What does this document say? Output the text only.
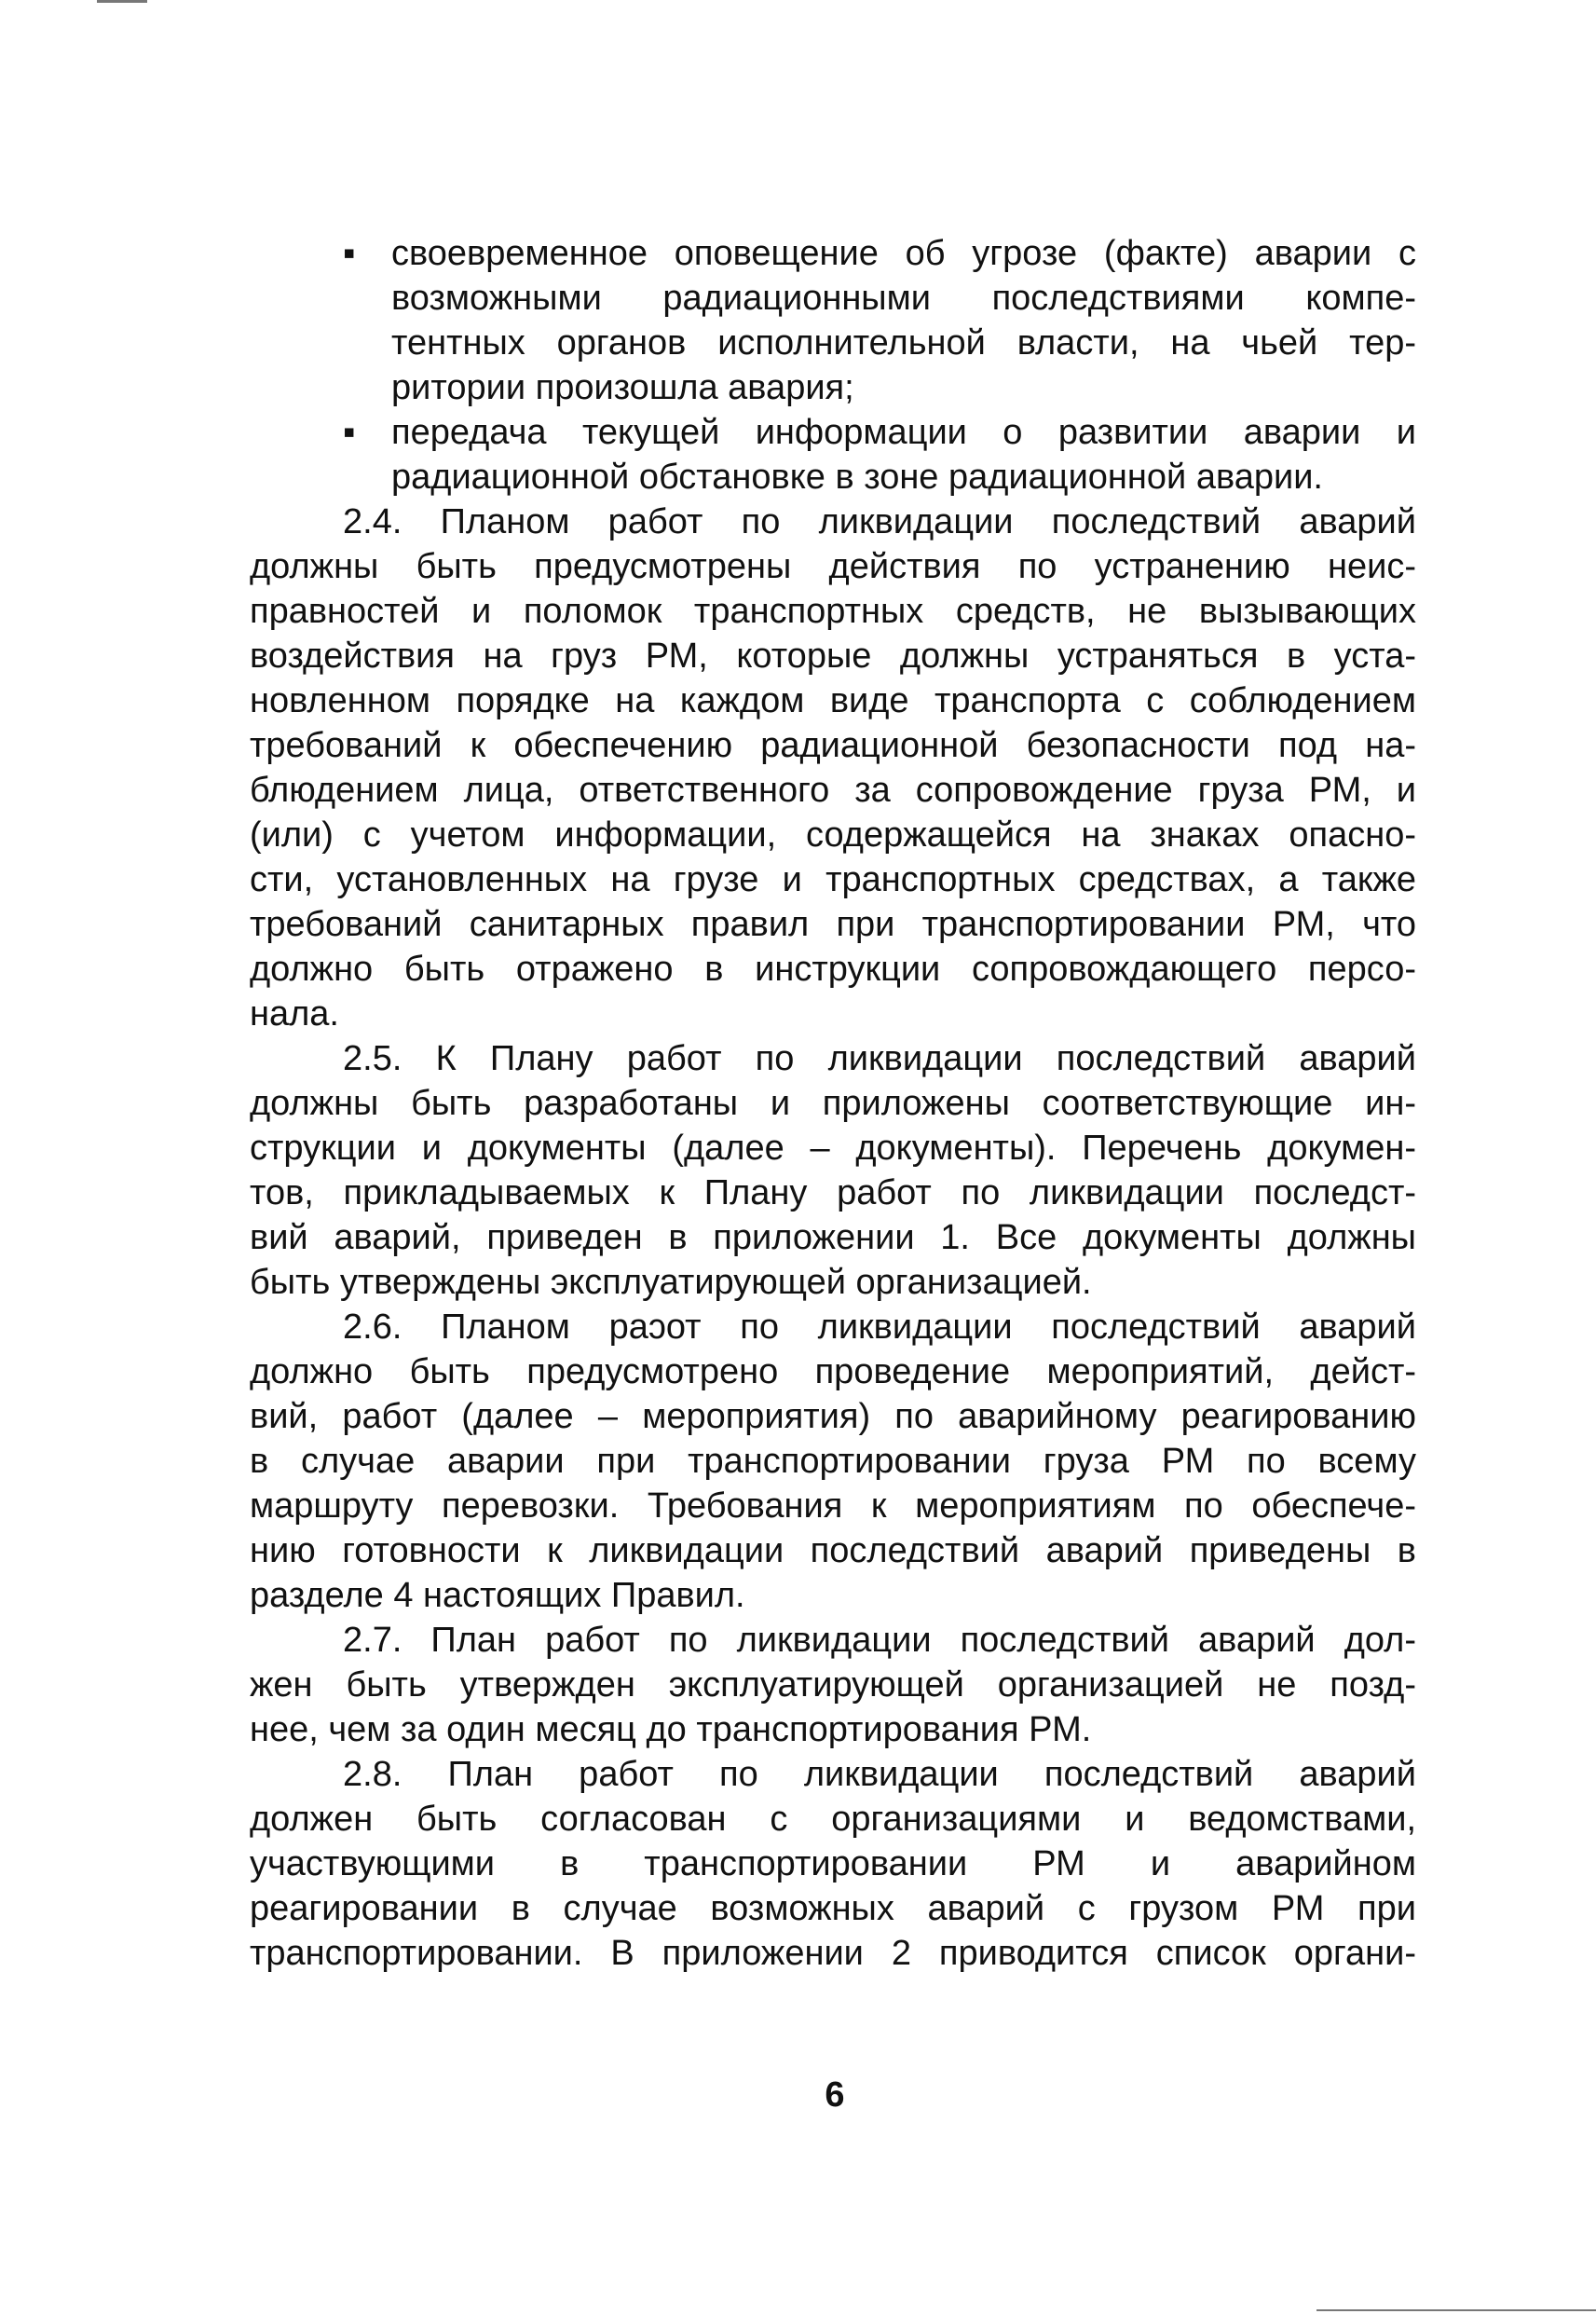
▪ своевременное оповещение об угрозе (факте) аварии с
возможными радиационными последствиями компе-
тентных органов исполнительной власти, на чьей тер-
ритории произошла авария;
▪ передача текущей информации о развитии аварии и
радиационной обстановке в зоне радиационной аварии.
2.4. Планом работ по ликвидации последствий аварий
должны быть предусмотрены действия по устранению неис-
правностей и поломок транспортных средств, не вызывающих
воздействия на груз РМ, которые должны устраняться в уста-
новленном порядке на каждом виде транспорта с соблюдением
требований к обеспечению радиационной безопасности под на-
блюдением лица, ответственного за сопровождение груза РМ, и
(или) с учетом информации, содержащейся на знаках опасно-
сти, установленных на грузе и транспортных средствах, а также
требований санитарных правил при транспортировании РМ, что
должно быть отражено в инструкции сопровождающего персо-
нала.
2.5. К Плану работ по ликвидации последствий аварий
должны быть разработаны и приложены соответствующие ин-
струкции и документы (далее – документы). Перечень докумен-
тов, прикладываемых к Плану работ по ликвидации последст-
вий аварий, приведен в приложении 1. Все документы должны
быть утверждены эксплуатирующей организацией.
2.6. Планом раͻот по ликвидации последствий аварий
должно быть предусмотрено проведение мероприятий, дейст-
вий, работ (далее – мероприятия) по аварийному реагированию
в случае аварии при транспортировании груза РМ по всему
маршруту перевозки. Требования к мероприятиям по обеспече-
нию готовности к ликвидации последствий аварий приведены в
разделе 4 настоящих Правил.
2.7. План работ по ликвидации последствий аварий дол-
жен быть утвержден эксплуатирующей организацией не позд-
нее, чем за один месяц до транспортирования РМ.
2.8. План работ по ликвидации последствий аварий
должен быть согласован с организациями и ведомствами,
участвующими в транспортировании РМ и аварийном
реагировании в случае возможных аварий с грузом РМ при
транспортировании. В приложении 2 приводится список органи-
6
